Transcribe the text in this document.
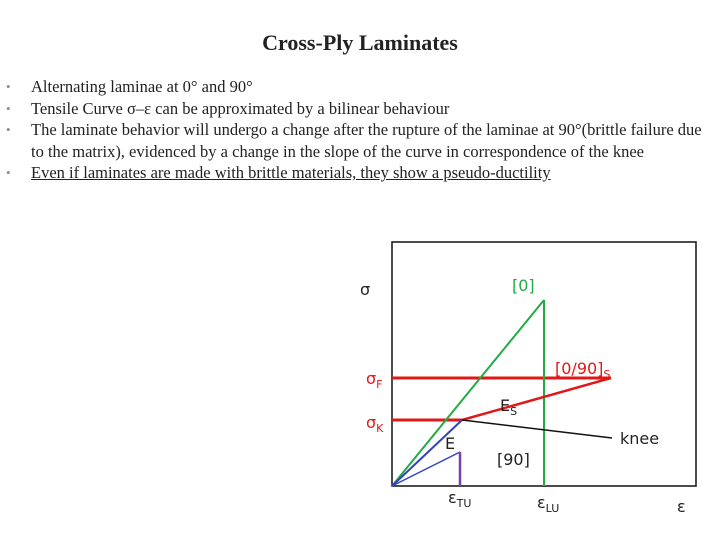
Cross-Ply Laminates
• Alternating laminae at 0° and 90°
• Tensile Curve σ–ε can be approximated by a bilinear behaviour
• The laminate behavior will undergo a change after the rupture of the laminae at 90°(brittle failure due to the matrix), evidenced by a change in the slope of the curve in correspondence of the knee
• Even if laminates are made with brittle materials, they show a pseudo-ductility
σ	[0]
$[0/90]_S$
$\sigma_F$
$\sigma_K$
$E_S$
E	knee
[90]
$\varepsilon_{TU}$	$\varepsilon_{LU}$	ε
